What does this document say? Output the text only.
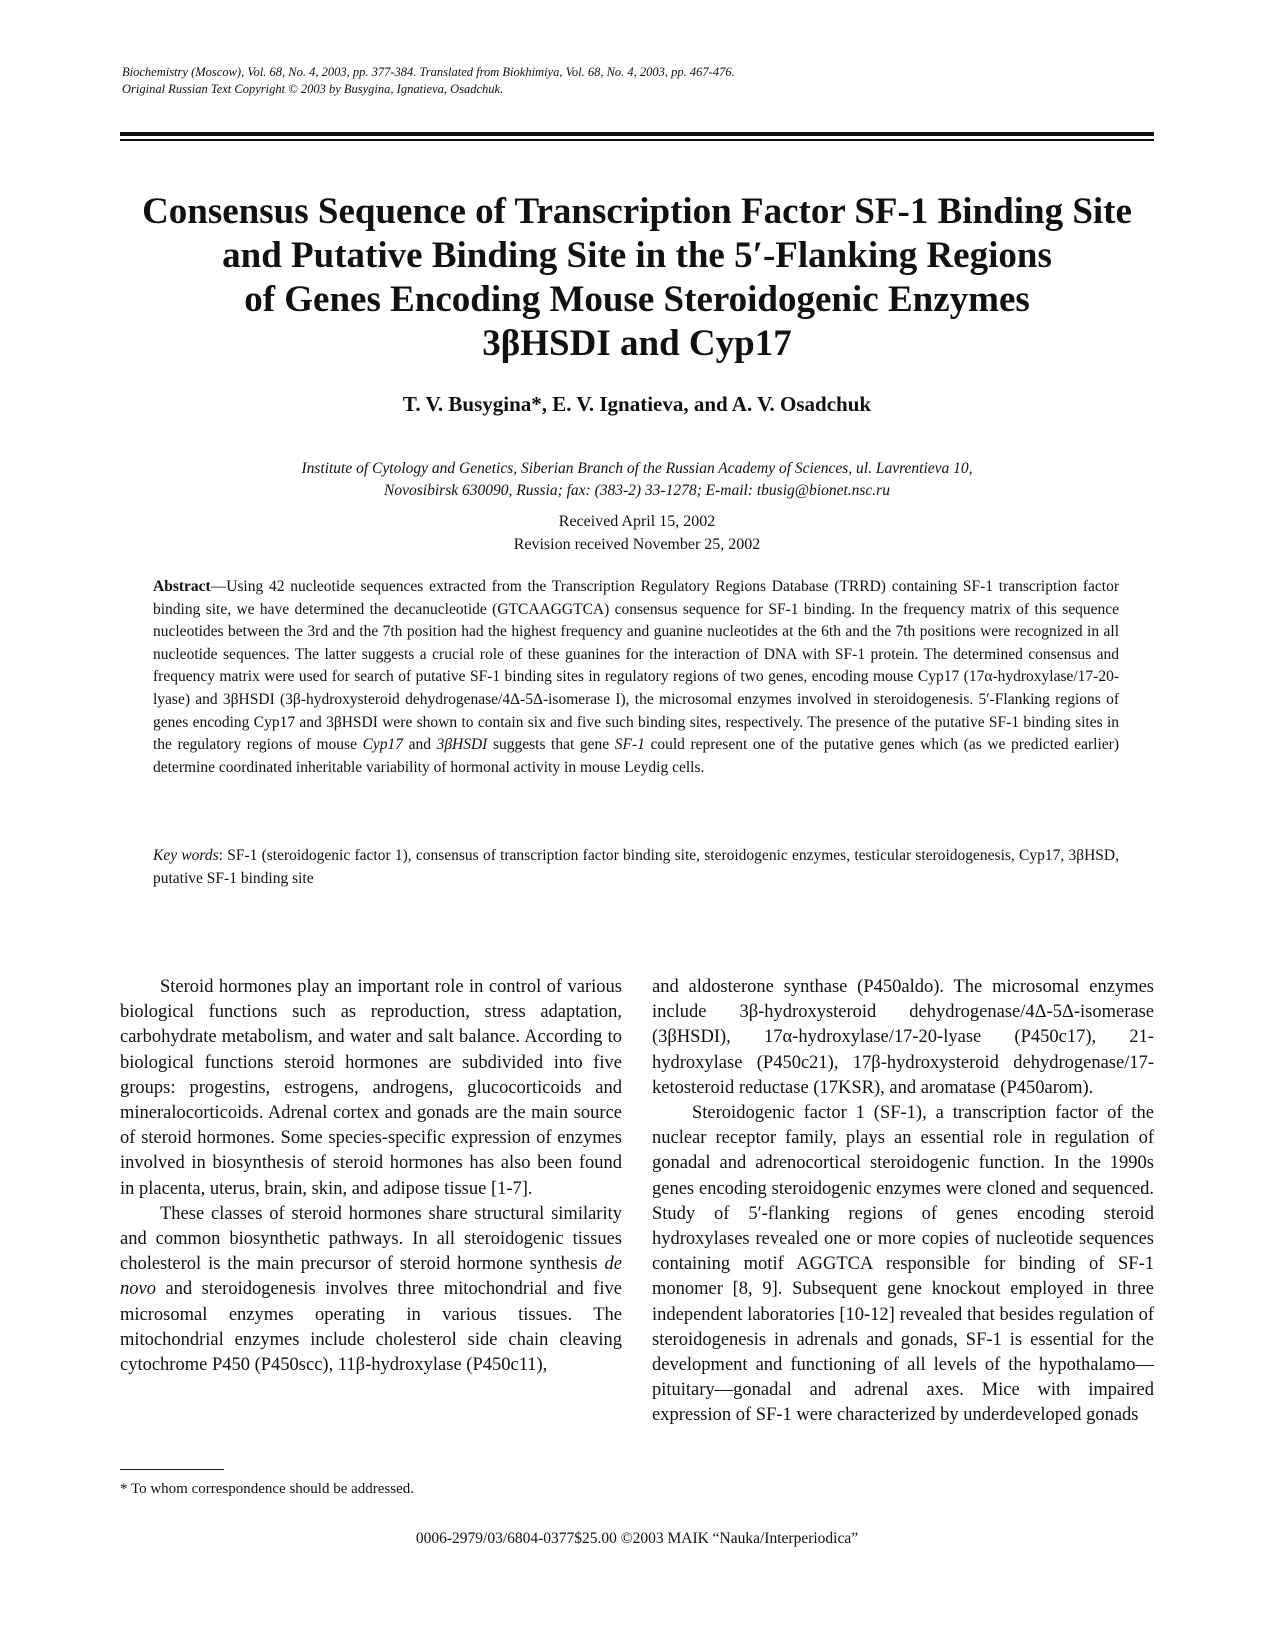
Biochemistry (Moscow), Vol. 68, No. 4, 2003, pp. 377-384. Translated from Biokhimiya, Vol. 68, No. 4, 2003, pp. 467-476.
Original Russian Text Copyright © 2003 by Busygina, Ignatieva, Osadchuk.
Consensus Sequence of Transcription Factor SF-1 Binding Site
and Putative Binding Site in the 5′-Flanking Regions
of Genes Encoding Mouse Steroidogenic Enzymes
3βHSDI and Cyp17
T. V. Busygina*, E. V. Ignatieva, and A. V. Osadchuk
Institute of Cytology and Genetics, Siberian Branch of the Russian Academy of Sciences, ul. Lavrentieva 10,
Novosibirsk 630090, Russia; fax: (383-2) 33-1278; E-mail: tbusig@bionet.nsc.ru
Received April 15, 2002
Revision received November 25, 2002
Abstract—Using 42 nucleotide sequences extracted from the Transcription Regulatory Regions Database (TRRD) containing SF-1 transcription factor binding site, we have determined the decanucleotide (GTCAAGGTCA) consensus sequence for SF-1 binding. In the frequency matrix of this sequence nucleotides between the 3rd and the 7th position had the highest frequency and guanine nucleotides at the 6th and the 7th positions were recognized in all nucleotide sequences. The latter suggests a crucial role of these guanines for the interaction of DNA with SF-1 protein. The determined consensus and frequency matrix were used for search of putative SF-1 binding sites in regulatory regions of two genes, encoding mouse Cyp17 (17α-hydroxylase/17-20-lyase) and 3βHSDI (3β-hydroxysteroid dehydrogenase/4Δ-5Δ-isomerase I), the microsomal enzymes involved in steroidogenesis. 5′-Flanking regions of genes encoding Cyp17 and 3βHSDI were shown to contain six and five such binding sites, respectively. The presence of the putative SF-1 binding sites in the regulatory regions of mouse Cyp17 and 3βHSDI suggests that gene SF-1 could represent one of the putative genes which (as we predicted earlier) determine coordinated inheritable variability of hormonal activity in mouse Leydig cells.
Key words: SF-1 (steroidogenic factor 1), consensus of transcription factor binding site, steroidogenic enzymes, testicular steroidogenesis, Cyp17, 3βHSD, putative SF-1 binding site

Steroid hormones play an important role in control of various biological functions such as reproduction, stress adaptation, carbohydrate metabolism, and water and salt balance. According to biological functions steroid hormones are subdivided into five groups: progestins, estrogens, androgens, glucocorticoids and mineralocorticoids. Adrenal cortex and gonads are the main source of steroid hormones. Some species-specific expression of enzymes involved in biosynthesis of steroid hormones has also been found in placenta, uterus, brain, skin, and adipose tissue [1-7].

These classes of steroid hormones share structural similarity and common biosynthetic pathways. In all steroidogenic tissues cholesterol is the main precursor of steroid hormone synthesis de novo and steroidogenesis involves three mitochondrial and five microsomal enzymes operating in various tissues. The mitochondrial enzymes include cholesterol side chain cleaving cytochrome P450 (P450scc), 11β-hydroxylase (P450c11),

and aldosterone synthase (P450aldo). The microsomal enzymes include 3β-hydroxysteroid dehydrogenase/4Δ-5Δ-isomerase (3βHSDI), 17α-hydroxylase/17-20-lyase (P450c17), 21-hydroxylase (P450c21), 17β-hydroxysteroid dehydrogenase/17-ketosteroid reductase (17KSR), and aromatase (P450arom).

Steroidogenic factor 1 (SF-1), a transcription factor of the nuclear receptor family, plays an essential role in regulation of gonadal and adrenocortical steroidogenic function. In the 1990s genes encoding steroidogenic enzymes were cloned and sequenced. Study of 5′-flanking regions of genes encoding steroid hydroxylases revealed one or more copies of nucleotide sequences containing motif AGGTCA responsible for binding of SF-1 monomer [8, 9]. Subsequent gene knockout employed in three independent laboratories [10-12] revealed that besides regulation of steroidogenesis in adrenals and gonads, SF-1 is essential for the development and functioning of all levels of the hypothalamo—pituitary—gonadal and adrenal axes. Mice with impaired expression of SF-1 were characterized by underdeveloped gonads

* To whom correspondence should be addressed.
0006-2979/03/6804-0377$25.00 ©2003 MAIK “Nauka/Interperiodica”
